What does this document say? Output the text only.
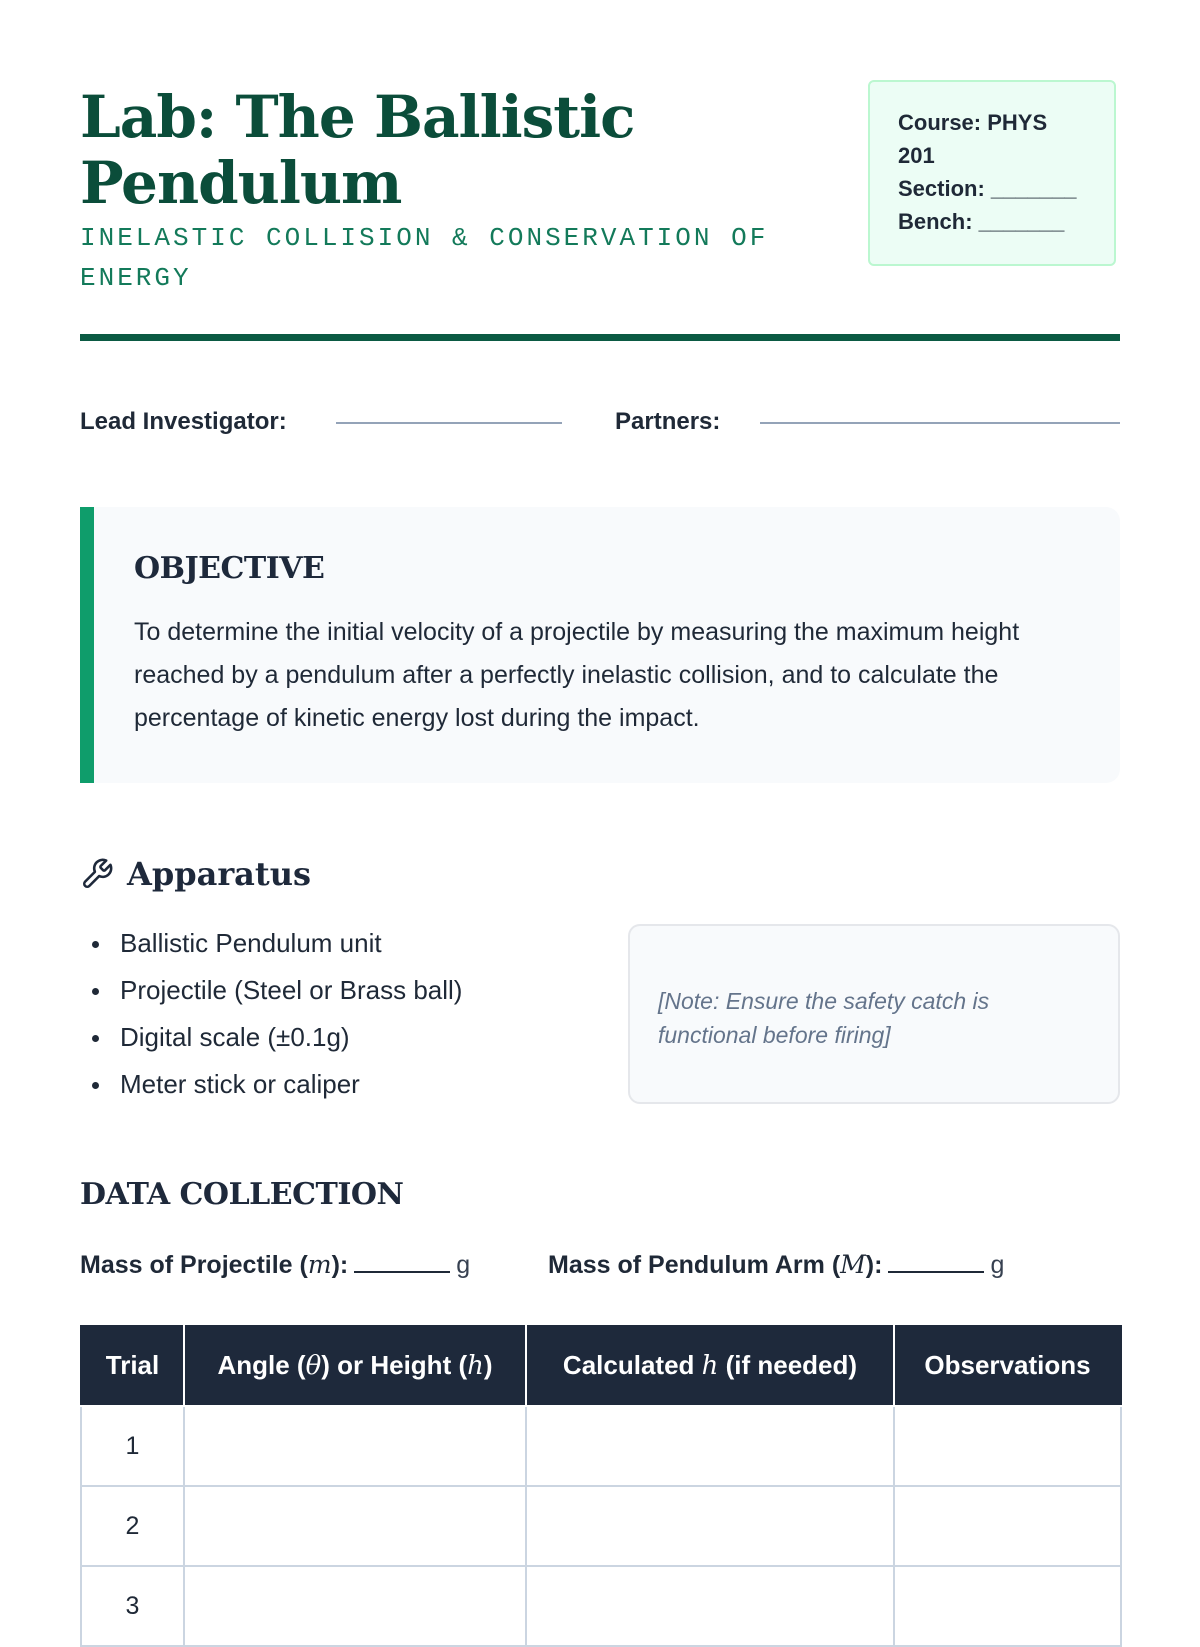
Lab: The Ballistic Pendulum
INELASTIC COLLISION & CONSERVATION OF ENERGY
Course: PHYS 201
Section: _______
Bench: _______
Lead Investigator:	Partners:
OBJECTIVE

To determine the initial velocity of a projectile by measuring the maximum height reached by a pendulum after a perfectly inelastic collision, and to calculate the percentage of kinetic energy lost during the impact.

Apparatus
Ballistic Pendulum unit
Projectile (Steel or Brass ball)
Digital scale (±0.1g)
Meter stick or caliper
[Note: Ensure the safety catch is functional before firing]
DATA COLLECTION
Mass of Projectile (m):	g	Mass of Pendulum Arm (M):	g
Trial	Angle (θ) or Height (h)	Calculated h (if needed)	Observations
1			
2			
3			
